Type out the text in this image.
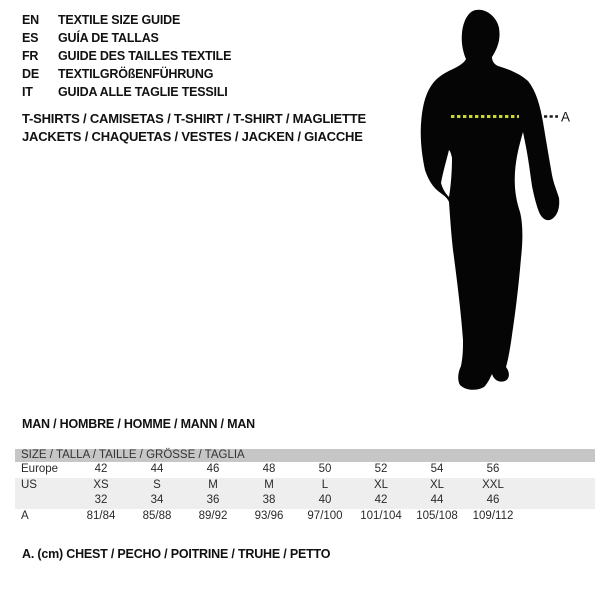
EN	TEXTILE SIZE GUIDE
ES	GUÍA DE TALLAS
FR	GUIDE DES TAILLES TEXTILE
DE	TEXTILGRÖßENFÜHRUNG
IT	GUIDA ALLE TAGLIE TESSILI
T-SHIRTS / CAMISETAS / T-SHIRT / T-SHIRT / MAGLIETTE
JACKETS / CHAQUETAS / VESTES / JACKEN / GIACCHE
A
MAN / HOMBRE / HOMME / MANN / MAN
SIZE / TALLA / TAILLE / GRÖSSE / TAGLIA
Europe	42	44	46	48	50	52	54	56	
US	XS	S	M	M	L	XL	XL	XXL	
	32	34	36	38	40	42	44	46	
A	81/84	85/88	89/92	93/96	97/100	101/104	105/108	109/112	
A. (cm) CHEST / PECHO / POITRINE / TRUHE / PETTO
